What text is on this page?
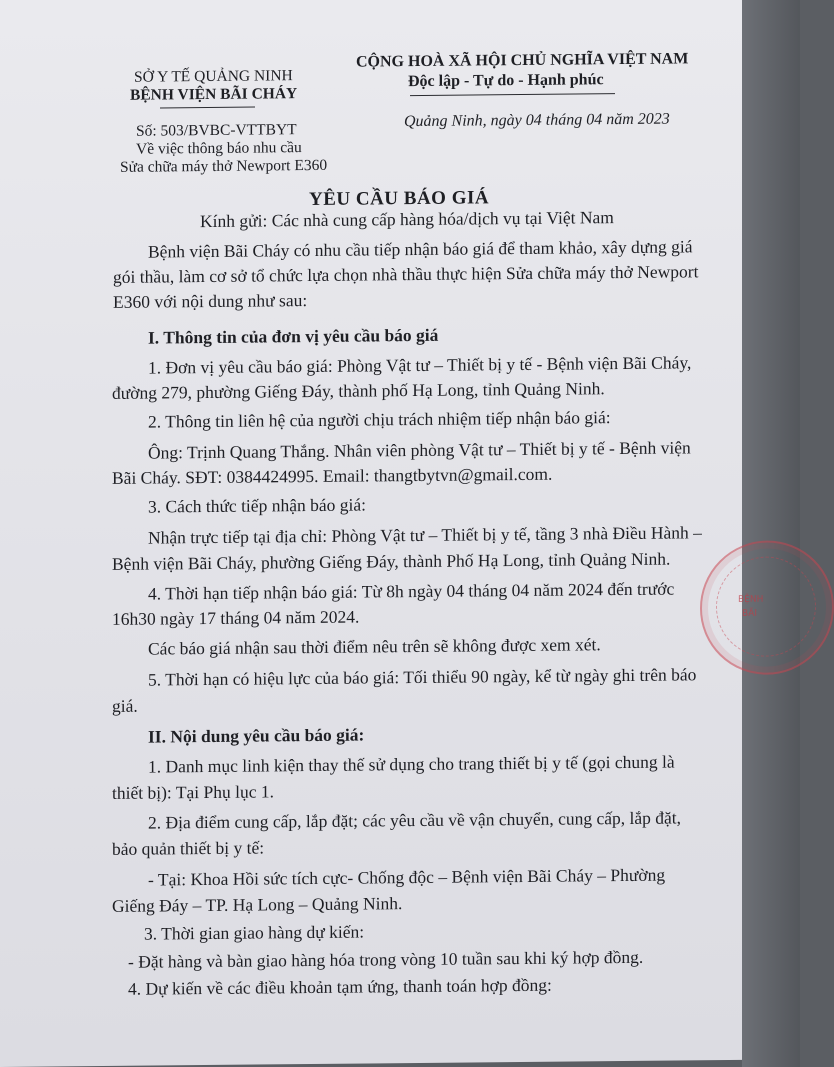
SỞ Y TẾ QUẢNG NINH
BỆNH VIỆN BÃI CHÁY
Số: 503/BVBC-VTTBYT
Về việc thông báo nhu cầu
Sửa chữa máy thở Newport E360
CỘNG HOÀ XÃ HỘI CHỦ NGHĨA VIỆT NAM
Độc lập - Tự do - Hạnh phúc
Quảng Ninh, ngày 04 tháng 04 năm 2023
YÊU CẦU BÁO GIÁ
Kính gửi: Các nhà cung cấp hàng hóa/dịch vụ tại Việt Nam
Bệnh viện Bãi Cháy có nhu cầu tiếp nhận báo giá để tham khảo, xây dựng giá
gói thầu, làm cơ sở tổ chức lựa chọn nhà thầu thực hiện Sửa chữa máy thở Newport
E360 với nội dung như sau:
I. Thông tin của đơn vị yêu cầu báo giá
1. Đơn vị yêu cầu báo giá: Phòng Vật tư – Thiết bị y tế - Bệnh viện Bãi Cháy,
đường 279, phường Giếng Đáy, thành phố Hạ Long, tỉnh Quảng Ninh.
2. Thông tin liên hệ của người chịu trách nhiệm tiếp nhận báo giá:
Ông: Trịnh Quang Thắng. Nhân viên phòng Vật tư – Thiết bị y tế - Bệnh viện
Bãi Cháy. SĐT: 0384424995. Email: thangtbytvn@gmail.com.
3. Cách thức tiếp nhận báo giá:
Nhận trực tiếp tại địa chỉ: Phòng Vật tư – Thiết bị y tế, tầng 3 nhà Điều Hành –
Bệnh viện Bãi Cháy, phường Giếng Đáy, thành Phố Hạ Long, tỉnh Quảng Ninh.
4. Thời hạn tiếp nhận báo giá: Từ 8h ngày 04 tháng 04 năm 2024 đến trước
16h30 ngày 17 tháng 04 năm 2024.
Các báo giá nhận sau thời điểm nêu trên sẽ không được xem xét.
5. Thời hạn có hiệu lực của báo giá: Tối thiểu 90 ngày, kể từ ngày ghi trên báo
giá.
II. Nội dung yêu cầu báo giá:
1. Danh mục linh kiện thay thế sử dụng cho trang thiết bị y tế (gọi chung là
thiết bị): Tại Phụ lục 1.
2. Địa điểm cung cấp, lắp đặt; các yêu cầu về vận chuyển, cung cấp, lắp đặt,
bảo quản thiết bị y tế:
- Tại: Khoa Hồi sức tích cực- Chống độc – Bệnh viện Bãi Cháy – Phường
Giếng Đáy – TP. Hạ Long – Quảng Ninh.
3. Thời gian giao hàng dự kiến:
- Đặt hàng và bàn giao hàng hóa trong vòng 10 tuần sau khi ký hợp đồng.
4. Dự kiến về các điều khoản tạm ứng, thanh toán hợp đồng:
BỆNH
BÃI
